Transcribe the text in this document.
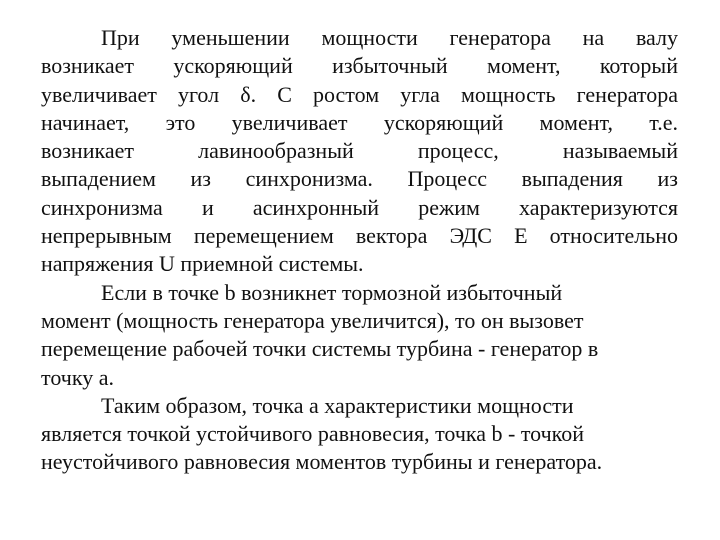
При уменьшении мощности генератора на валу
возникает ускоряющий избыточный момент, который
увеличивает угол δ. С ростом угла мощность генератора
начинает, это увеличивает ускоряющий момент, т.е.
возникает лавинообразный процесс, называемый
выпадением из синхронизма. Процесс выпадения из
синхронизма и асинхронный режим характеризуются
непрерывным перемещением вектора ЭДС Е относительно
напряжения U приемной системы.
Если в точке b возникнет тормозной избыточный
момент (мощность генератора увеличится), то он вызовет
перемещение рабочей точки системы турбина - генератор в
точку а.
Таким образом, точка а характеристики мощности
является точкой устойчивого равновесия, точка b - точкой
неустойчивого равновесия моментов турбины и генератора.
